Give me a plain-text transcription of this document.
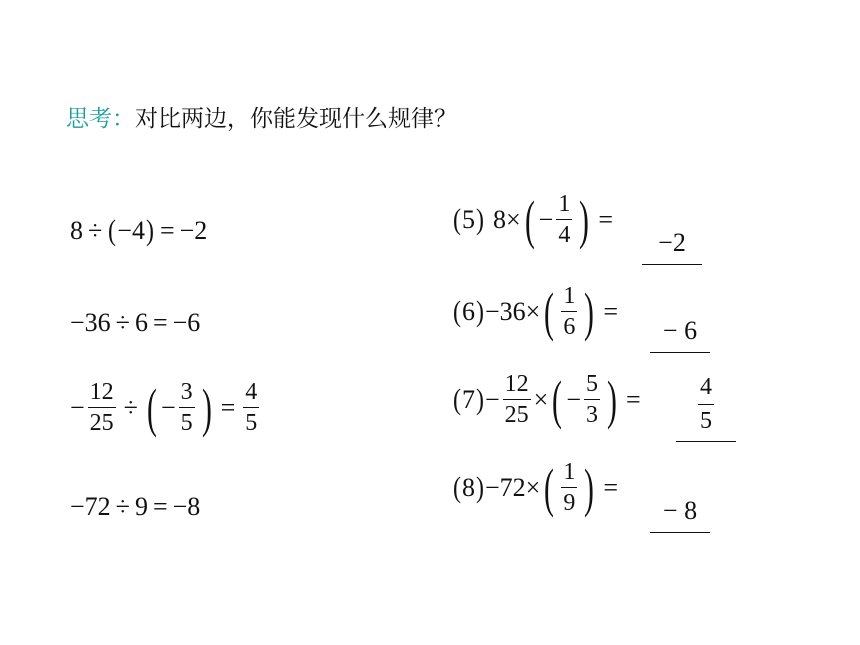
思考：对比两边，你能发现什么规律？
8 ÷ ( −4 ) = −2
−36 ÷ 6 = −6
− $\frac{12}{25}$ ÷ ( − $\frac{3}{5}$ ) = $\frac{4}{5}$
−72 ÷ 9 = −8
( 5 ) 8 × ( − $\frac{1}{4}$ ) =
−2
( 6 ) −36 × ( $\frac{1}{6}$ ) =
− 6
( 7 ) − $\frac{12}{25}$ × ( − $\frac{5}{3}$ ) = $\frac{4}{5}$
( 8 ) −72 × ( $\frac{1}{9}$ ) =
− 8
